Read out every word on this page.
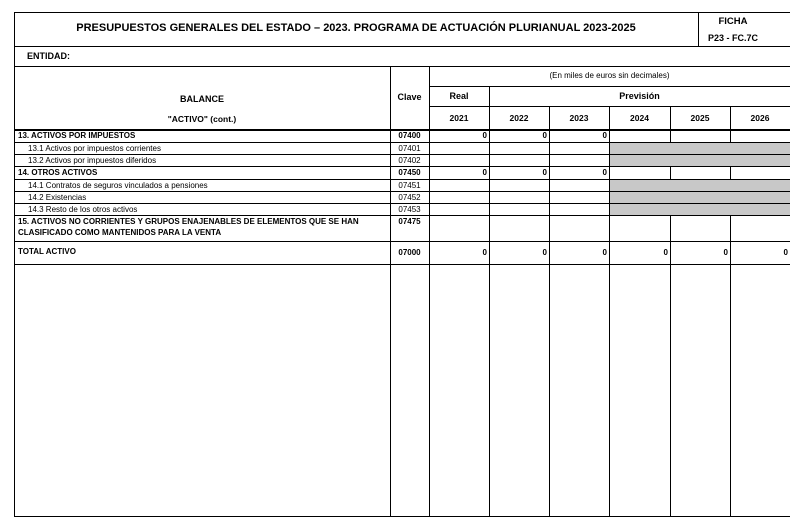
PRESUPUESTOS GENERALES DEL ESTADO – 2023. PROGRAMA DE ACTUACIÓN PLURIANUAL 2023-2025
FICHA
P23 - FC.7C
ENTIDAD:
(En miles de euros sin decimales)
BALANCE
"ACTIVO" (cont.)
Clave	Real	Previsión
2021	2022	2023	2024	2025	2026
13. ACTIVOS POR IMPUESTOS	07400	0	0	0
13.1 Activos por impuestos corrientes	07401
13.2 Activos por impuestos diferidos	07402
14. OTROS ACTIVOS	07450	0	0	0
14.1 Contratos de seguros vinculados a pensiones	07451
14.2 Existencias	07452
14.3 Resto de los otros activos	07453
15. ACTIVOS NO CORRIENTES Y GRUPOS ENAJENABLES DE ELEMENTOS QUE SE HAN
CLASIFICADO COMO MANTENIDOS PARA LA VENTA
07475
TOTAL ACTIVO	07000	0	0	0	0	0	0
